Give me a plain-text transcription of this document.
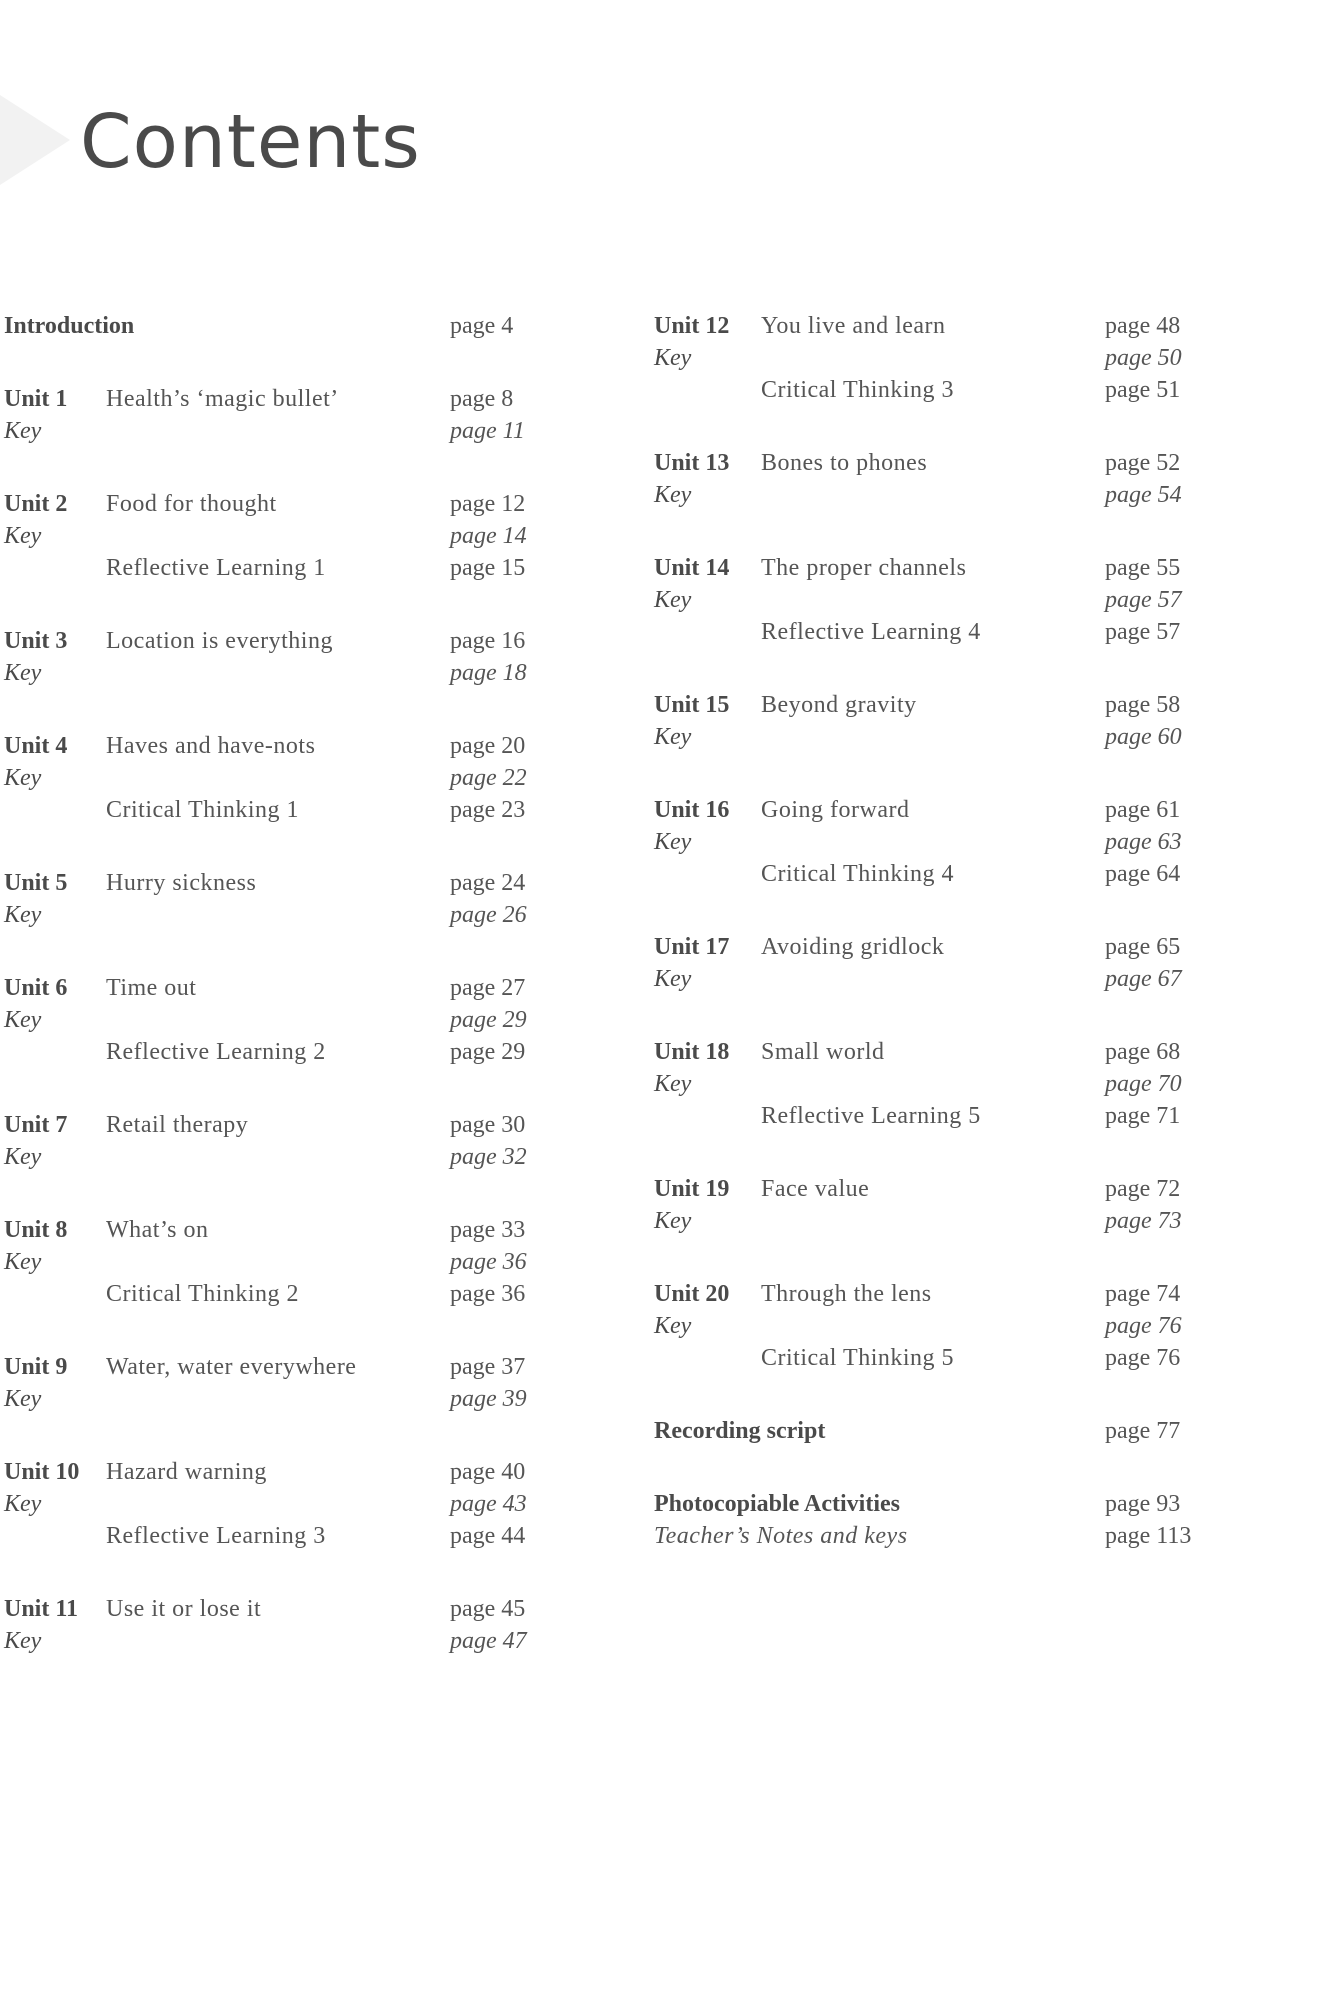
Contents
Introduction	page 4
Unit 1 Health’s ‘magic bullet’	page 8
Key	page 11
Unit 2 Food for thought	page 12
Key	page 14
Reflective Learning 1	page 15
Unit 3 Location is everything	page 16
Key	page 18
Unit 4 Haves and have-nots	page 20
Key	page 22
Critical Thinking 1	page 23
Unit 5 Hurry sickness	page 24
Key	page 26
Unit 6 Time out	page 27
Key	page 29
Reflective Learning 2	page 29
Unit 7 Retail therapy	page 30
Key	page 32
Unit 8 What’s on	page 33
Key	page 36
Critical Thinking 2	page 36
Unit 9 Water, water everywhere	page 37
Key	page 39
Unit 10 Hazard warning	page 40
Key	page 43
Reflective Learning 3	page 44
Unit 11 Use it or lose it	page 45
Key	page 47
Unit 12 You live and learn	page 48
Key	page 50
Critical Thinking 3	page 51
Unit 13 Bones to phones	page 52
Key	page 54
Unit 14 The proper channels	page 55
Key	page 57
Reflective Learning 4	page 57
Unit 15 Beyond gravity	page 58
Key	page 60
Unit 16 Going forward	page 61
Key	page 63
Critical Thinking 4	page 64
Unit 17 Avoiding gridlock	page 65
Key	page 67
Unit 18 Small world	page 68
Key	page 70
Reflective Learning 5	page 71
Unit 19 Face value	page 72
Key	page 73
Unit 20 Through the lens	page 74
Key	page 76
Critical Thinking 5	page 76
Recording script	page 77
Photocopiable Activities	page 93
Teacher’s Notes and keys	page 113
